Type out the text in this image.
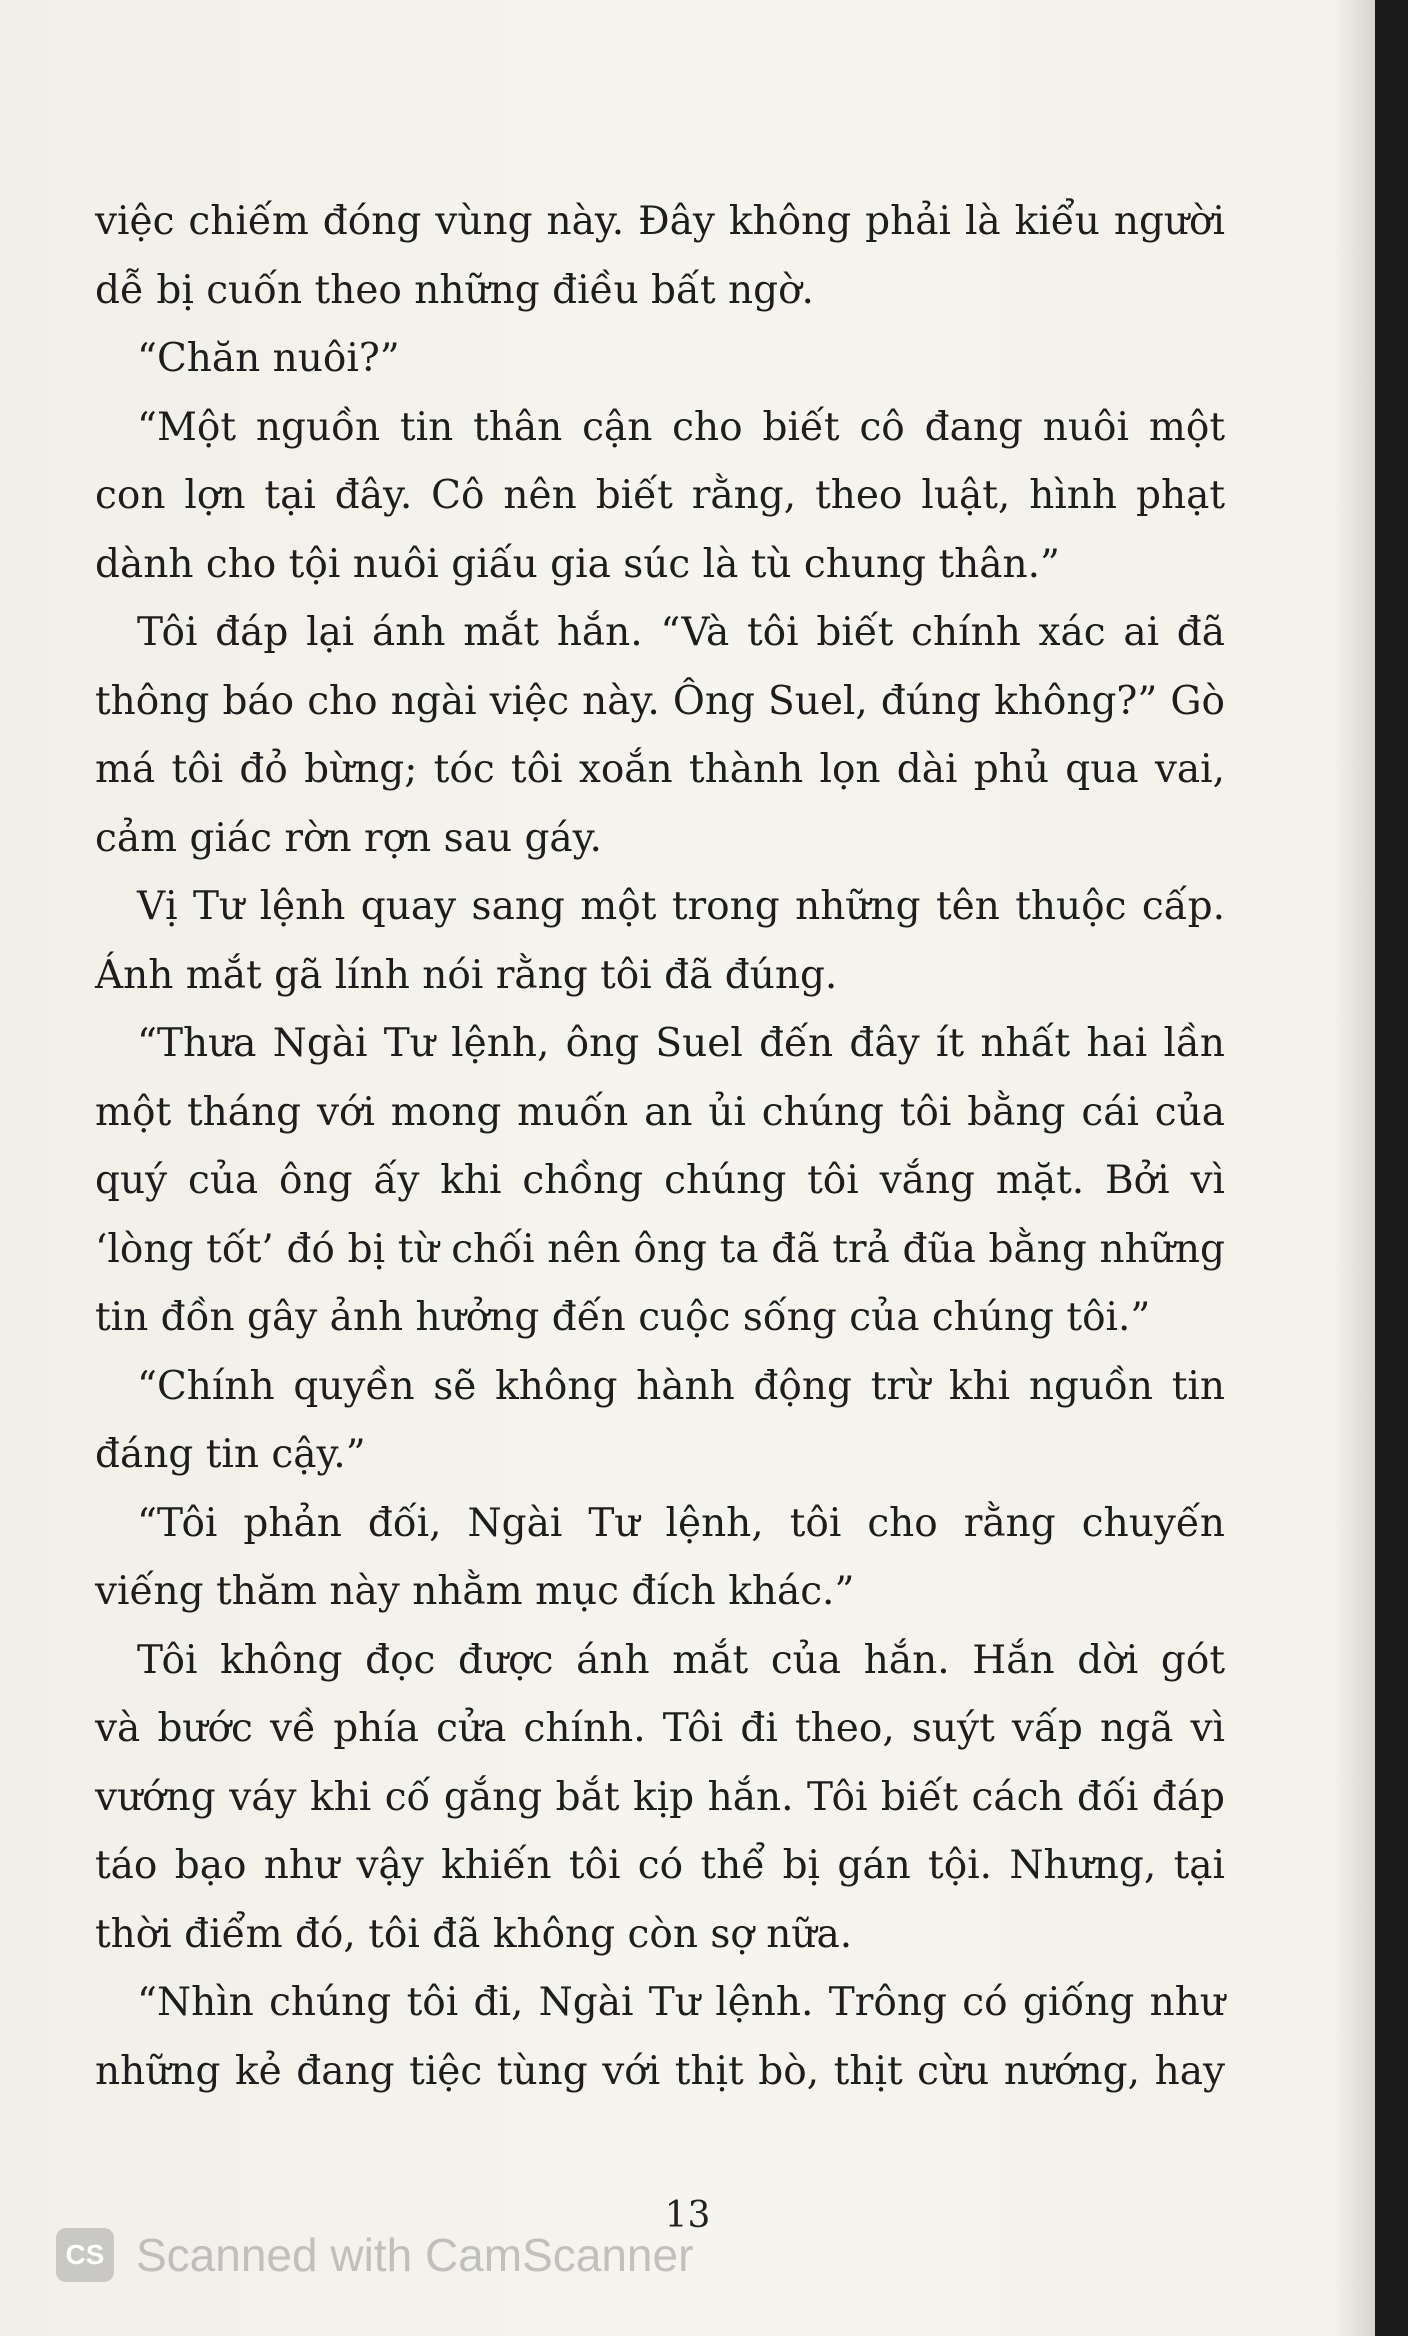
việc chiếm đóng vùng này. Đây không phải là kiểu người
dễ bị cuốn theo những điều bất ngờ.
“Chăn nuôi?”
“Một nguồn tin thân cận cho biết cô đang nuôi một
con lợn tại đây. Cô nên biết rằng, theo luật, hình phạt
dành cho tội nuôi giấu gia súc là tù chung thân.”
Tôi đáp lại ánh mắt hắn. “Và tôi biết chính xác ai đã
thông báo cho ngài việc này. Ông Suel, đúng không?” Gò
má tôi đỏ bừng; tóc tôi xoắn thành lọn dài phủ qua vai,
cảm giác rờn rợn sau gáy.
Vị Tư lệnh quay sang một trong những tên thuộc cấp.
Ánh mắt gã lính nói rằng tôi đã đúng.
“Thưa Ngài Tư lệnh, ông Suel đến đây ít nhất hai lần
một tháng với mong muốn an ủi chúng tôi bằng cái của
quý của ông ấy khi chồng chúng tôi vắng mặt. Bởi vì
‘lòng tốt’ đó bị từ chối nên ông ta đã trả đũa bằng những
tin đồn gây ảnh hưởng đến cuộc sống của chúng tôi.”
“Chính quyền sẽ không hành động trừ khi nguồn tin
đáng tin cậy.”
“Tôi phản đối, Ngài Tư lệnh, tôi cho rằng chuyến
viếng thăm này nhằm mục đích khác.”
Tôi không đọc được ánh mắt của hắn. Hắn dời gót
và bước về phía cửa chính. Tôi đi theo, suýt vấp ngã vì
vướng váy khi cố gắng bắt kịp hắn. Tôi biết cách đối đáp
táo bạo như vậy khiến tôi có thể bị gán tội. Nhưng, tại
thời điểm đó, tôi đã không còn sợ nữa.
“Nhìn chúng tôi đi, Ngài Tư lệnh. Trông có giống như
những kẻ đang tiệc tùng với thịt bò, thịt cừu nướng, hay
13
CS Scanned with CamScanner
